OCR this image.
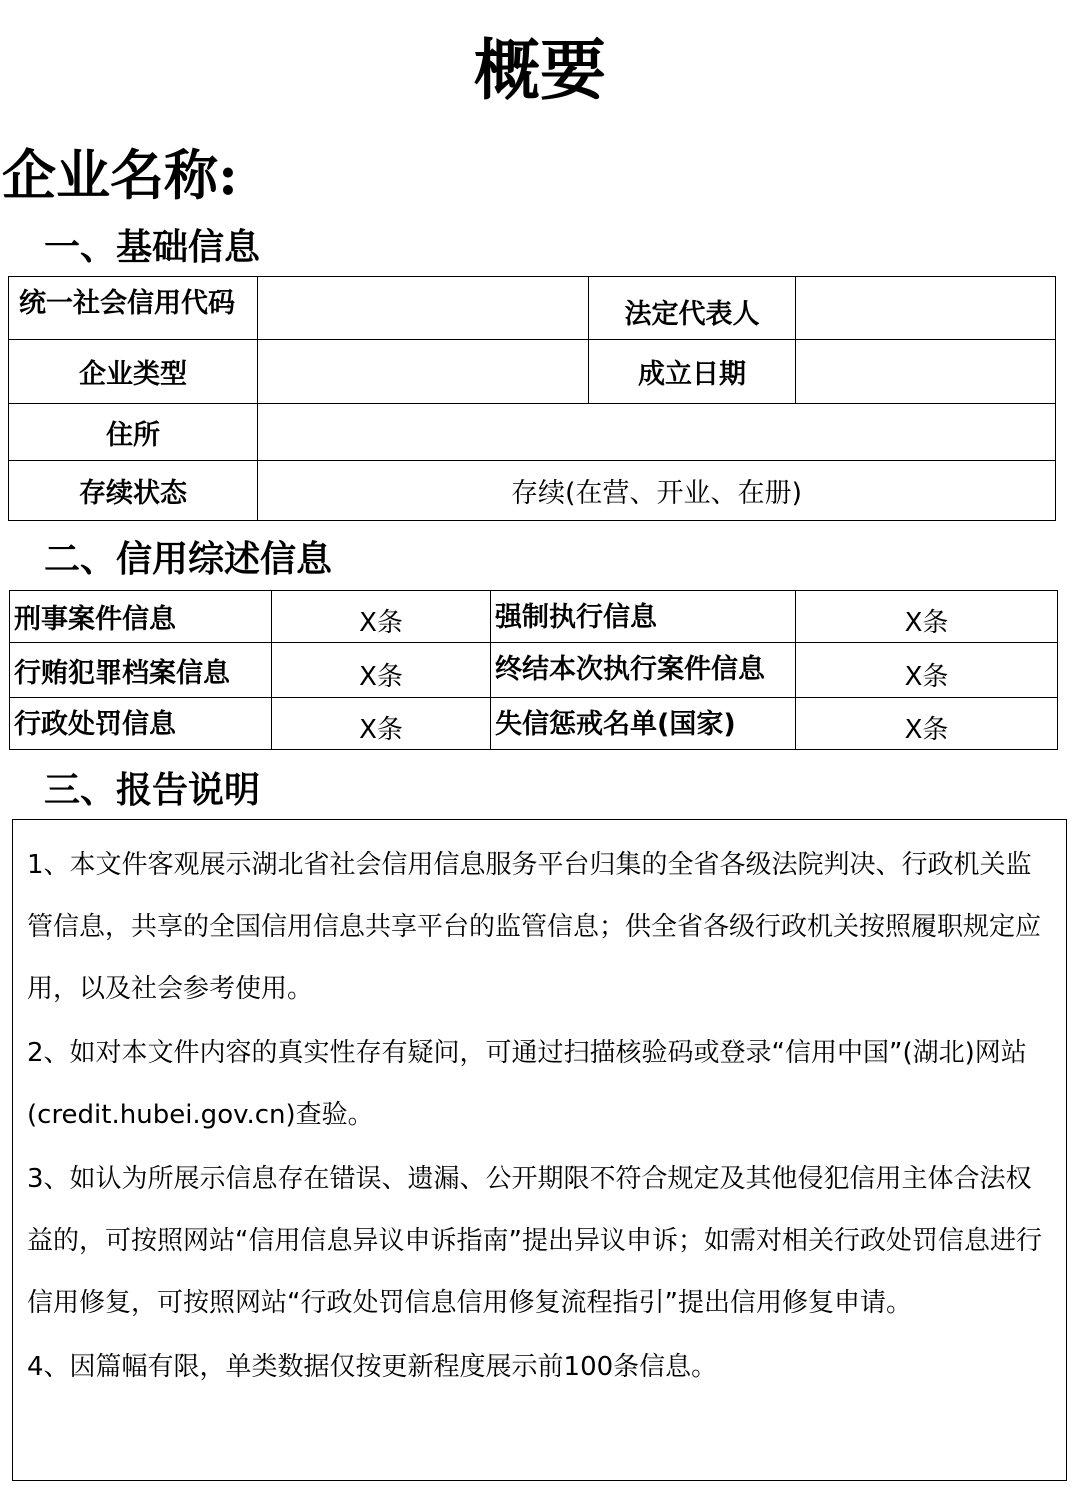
概要
企业名称:
一、基础信息
统一社会信用代码		法定代表人	
企业类型		成立日期	
住所			
存续状态	存续(在营、开业、在册)		
二、信用综述信息
刑事案件信息	X条	强制执行信息	X条
行贿犯罪档案信息	X条	终结本次执行案件信息	X条
行政处罚信息	X条	失信惩戒名单(国家)	X条
三、报告说明

1、本文件客观展示湖北省社会信用信息服务平台归集的全省各级法院判决、行政机关监管信息，共享的全国信用信息共享平台的监管信息；供全省各级行政机关按照履职规定应用，以及社会参考使用。

2、如对本文件内容的真实性存有疑问，可通过扫描核验码或登录“信用中国”(湖北)网站(credit.hubei.gov.cn)查验。

3、如认为所展示信息存在错误、遗漏、公开期限不符合规定及其他侵犯信用主体合法权益的，可按照网站“信用信息异议申诉指南”提出异议申诉；如需对相关行政处罚信息进行信用修复，可按照网站“行政处罚信息信用修复流程指引”提出信用修复申请。

4、因篇幅有限，单类数据仅按更新程度展示前100条信息。
